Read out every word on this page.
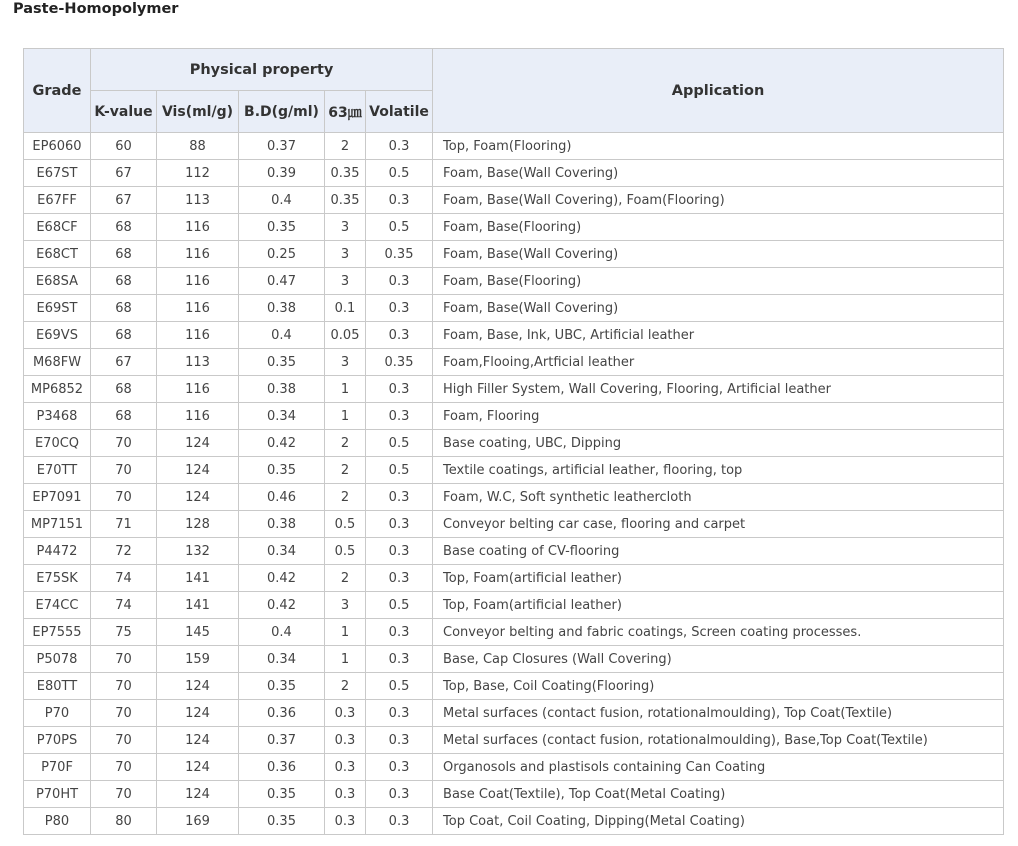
Paste-Homopolymer
Grade	Physical property					Application
	K-value	Vis(ml/g)	B.D(g/ml)	63㎛	Volatile	
EP6060	60	88	0.37	2	0.3	Top, Foam(Flooring)
E67ST	67	112	0.39	0.35	0.5	Foam, Base(Wall Covering)
E67FF	67	113	0.4	0.35	0.3	Foam, Base(Wall Covering), Foam(Flooring)
E68CF	68	116	0.35	3	0.5	Foam, Base(Flooring)
E68CT	68	116	0.25	3	0.35	Foam, Base(Wall Covering)
E68SA	68	116	0.47	3	0.3	Foam, Base(Flooring)
E69ST	68	116	0.38	0.1	0.3	Foam, Base(Wall Covering)
E69VS	68	116	0.4	0.05	0.3	Foam, Base, Ink, UBC, Artificial leather
M68FW	67	113	0.35	3	0.35	Foam,Flooing,Artficial leather
MP6852	68	116	0.38	1	0.3	High Filler System, Wall Covering, Flooring, Artificial leather
P3468	68	116	0.34	1	0.3	Foam, Flooring
E70CQ	70	124	0.42	2	0.5	Base coating, UBC, Dipping
E70TT	70	124	0.35	2	0.5	Textile coatings, artificial leather, flooring, top
EP7091	70	124	0.46	2	0.3	Foam, W.C, Soft synthetic leathercloth
MP7151	71	128	0.38	0.5	0.3	Conveyor belting car case, flooring and carpet
P4472	72	132	0.34	0.5	0.3	Base coating of CV-flooring
E75SK	74	141	0.42	2	0.3	Top, Foam(artificial leather)
E74CC	74	141	0.42	3	0.5	Top, Foam(artificial leather)
EP7555	75	145	0.4	1	0.3	Conveyor belting and fabric coatings, Screen coating processes.
P5078	70	159	0.34	1	0.3	Base, Cap Closures (Wall Covering)
E80TT	70	124	0.35	2	0.5	Top, Base, Coil Coating(Flooring)
P70	70	124	0.36	0.3	0.3	Metal surfaces (contact fusion, rotationalmoulding), Top Coat(Textile)
P70PS	70	124	0.37	0.3	0.3	Metal surfaces (contact fusion, rotationalmoulding), Base,Top Coat(Textile)
P70F	70	124	0.36	0.3	0.3	Organosols and plastisols containing Can Coating
P70HT	70	124	0.35	0.3	0.3	Base Coat(Textile), Top Coat(Metal Coating)
P80	80	169	0.35	0.3	0.3	Top Coat, Coil Coating, Dipping(Metal Coating)
